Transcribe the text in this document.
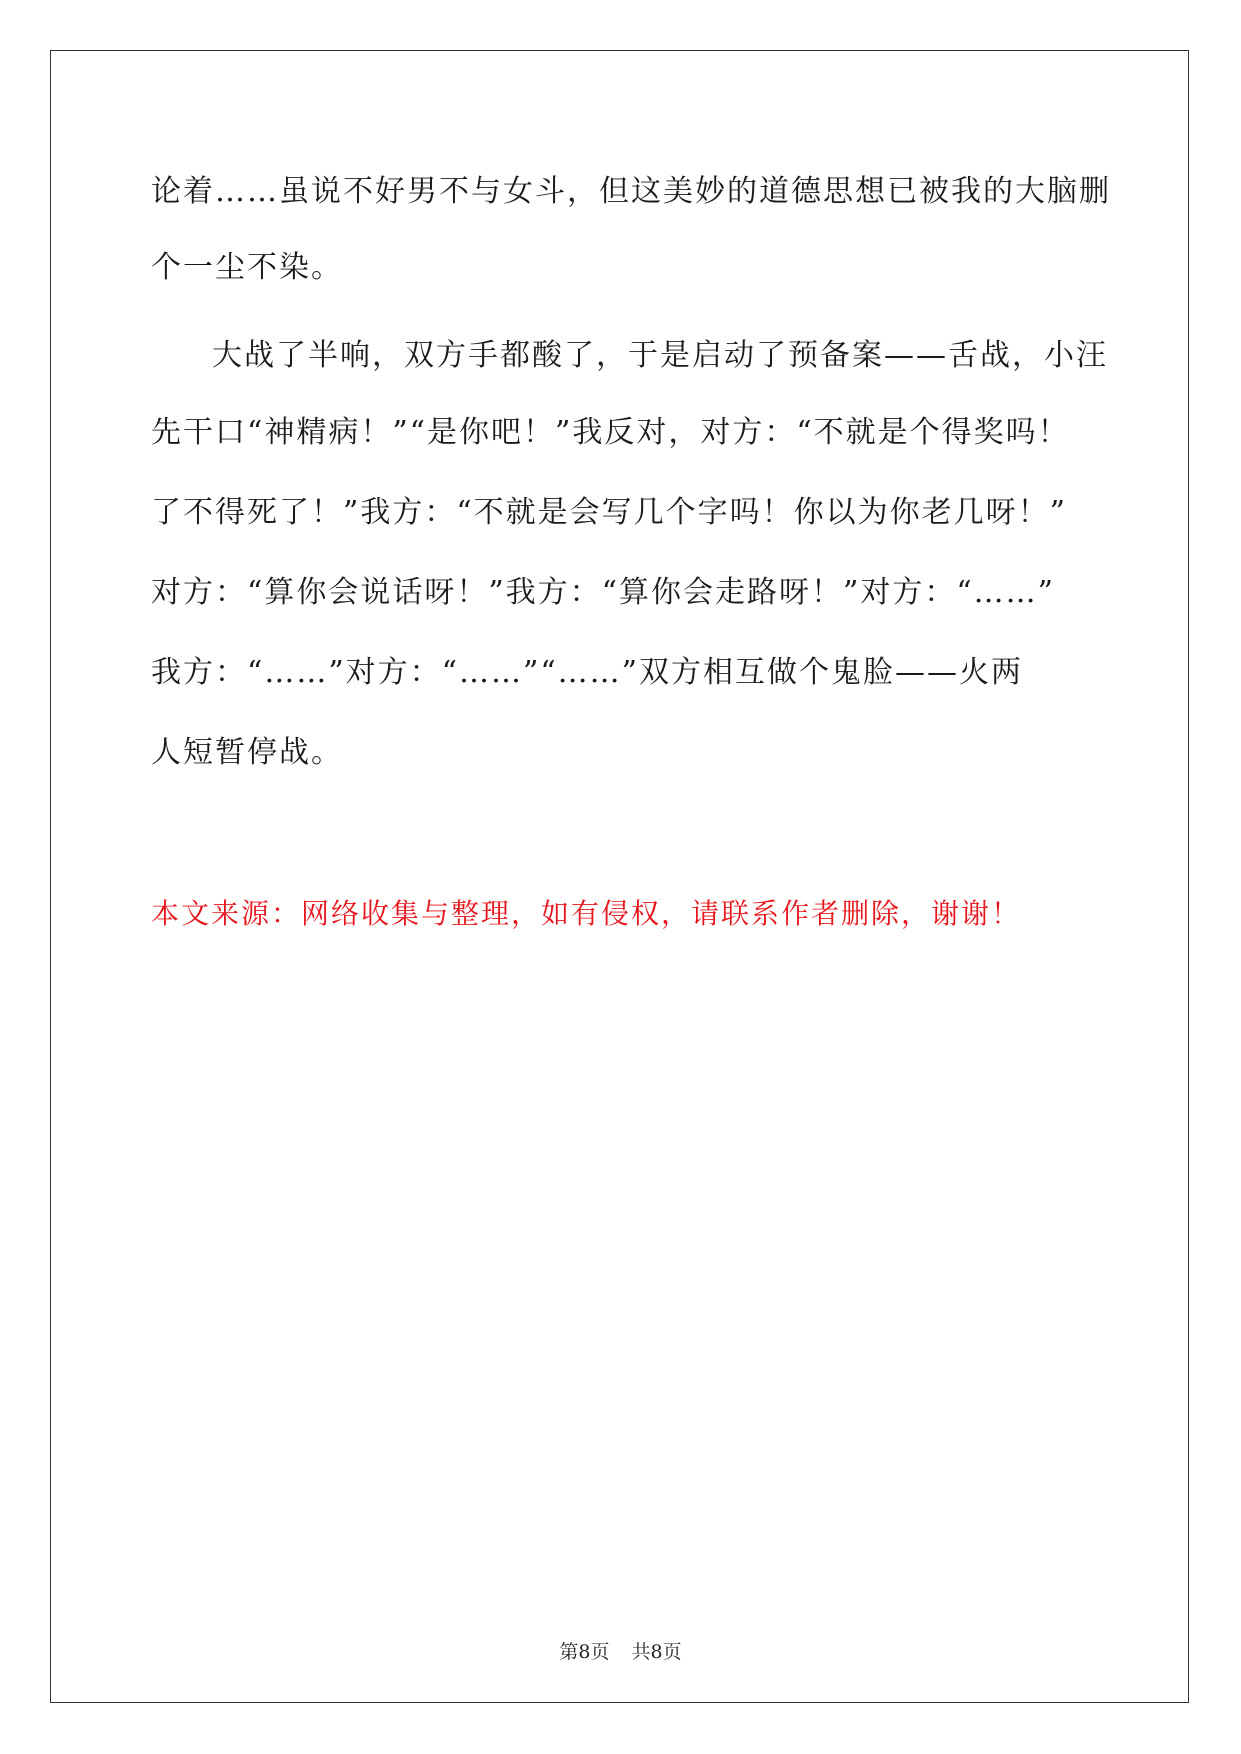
论着……虽说不好男不与女斗，但这美妙的道德思想已被我的大脑删
个一尘不染。
大战了半响，双方手都酸了，于是启动了预备案——舌战，小汪
先干口“神精病！”“是你吧！”我反对，对方：“不就是个得奖吗！
了不得死了！”我方：“不就是会写几个字吗！你以为你老几呀！”
对方：“算你会说话呀！”我方：“算你会走路呀！”对方：“……”
我方：“……”对方：“……”“……”双方相互做个鬼脸——火两
人短暂停战。
本文来源：网络收集与整理，如有侵权，请联系作者删除，谢谢！
第8页 共8页
